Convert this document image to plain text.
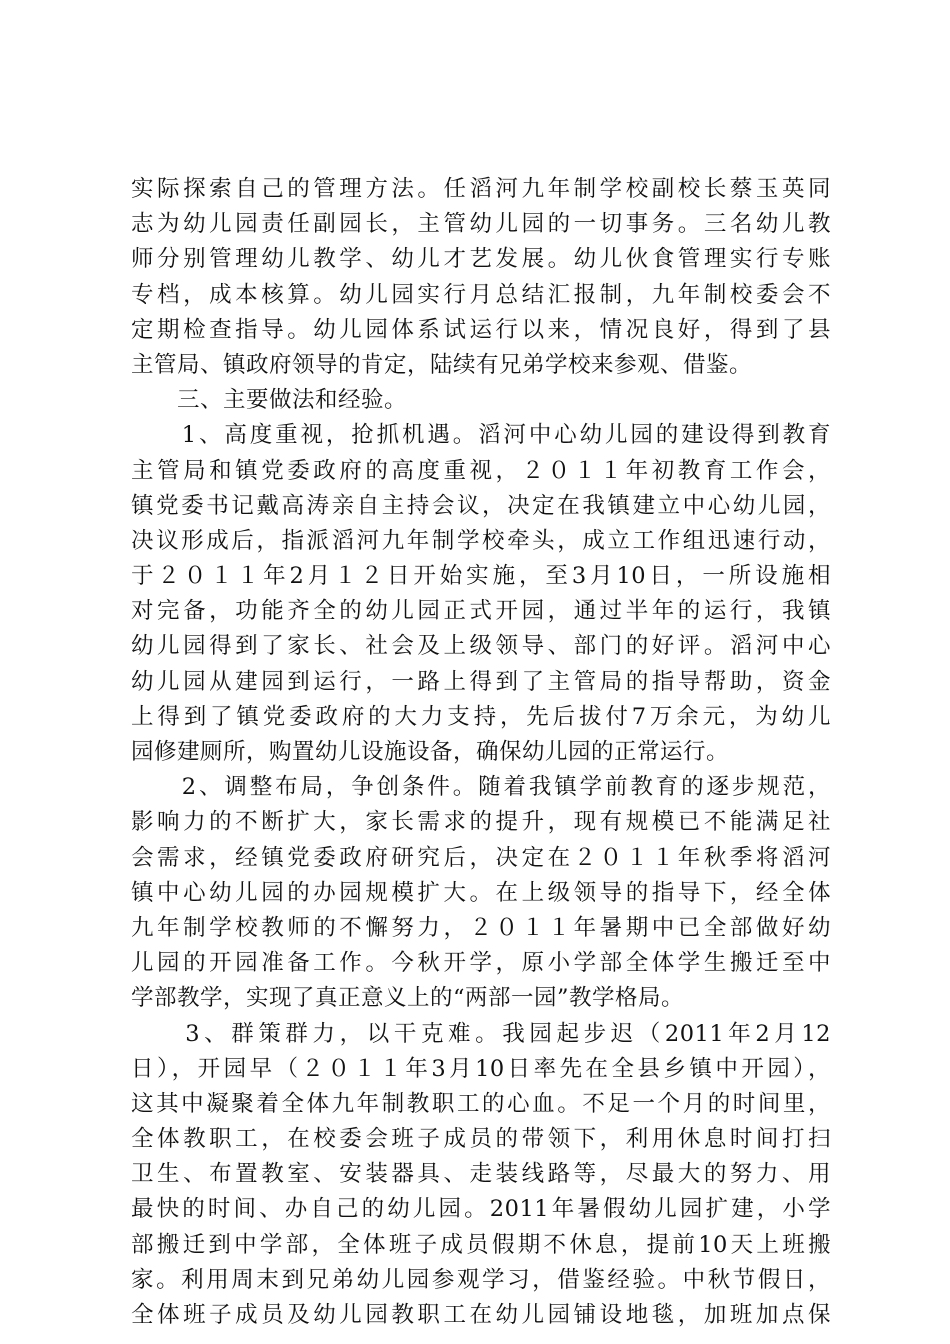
实际探索自己的管理方法。任滔河九年制学校副校长蔡玉英同
志为幼儿园责任副园长，主管幼儿园的一切事务。三名幼儿教
师分别管理幼儿教学、幼儿才艺发展。幼儿伙食管理实行专账
专档，成本核算。幼儿园实行月总结汇报制，九年制校委会不
定期检查指导。幼儿园体系试运行以来，情况良好，得到了县
主管局、镇政府领导的肯定，陆续有兄弟学校来参观、借鉴。
　　三、主要做法和经验。
　　1、高度重视，抢抓机遇。滔河中心幼儿园的建设得到教育
主管局和镇党委政府的高度重视，２０１１年初教育工作会，
镇党委书记戴高涛亲自主持会议，决定在我镇建立中心幼儿园，
决议形成后，指派滔河九年制学校牵头，成立工作组迅速行动，
于２０１１年2月１２日开始实施，至3月10日，一所设施相
对完备，功能齐全的幼儿园正式开园，通过半年的运行，我镇
幼儿园得到了家长、社会及上级领导、部门的好评。滔河中心
幼儿园从建园到运行，一路上得到了主管局的指导帮助，资金
上得到了镇党委政府的大力支持，先后拔付7万余元，为幼儿
园修建厕所，购置幼儿设施设备，确保幼儿园的正常运行。
　　2、调整布局，争创条件。随着我镇学前教育的逐步规范，
影响力的不断扩大，家长需求的提升，现有规模已不能满足社
会需求，经镇党委政府研究后，决定在２０１１年秋季将滔河
镇中心幼儿园的办园规模扩大。在上级领导的指导下，经全体
九年制学校教师的不懈努力，２０１１年暑期中已全部做好幼
儿园的开园准备工作。今秋开学，原小学部全体学生搬迁至中
学部教学，实现了真正意义上的“两部一园”教学格局。
　　3、群策群力，以干克难。我园起步迟（2011年2月12
日），开园早（２０１１年3月10日率先在全县乡镇中开园），
这其中凝聚着全体九年制教职工的心血。不足一个月的时间里，
全体教职工，在校委会班子成员的带领下，利用休息时间打扫
卫生、布置教室、安装器具、走装线路等，尽最大的努力、用
最快的时间、办自己的幼儿园。2011年暑假幼儿园扩建，小学
部搬迁到中学部，全体班子成员假期不休息，提前10天上班搬
家。利用周末到兄弟幼儿园参观学习，借鉴经验。中秋节假日，
全体班子成员及幼儿园教职工在幼儿园铺设地毯，加班加点保
